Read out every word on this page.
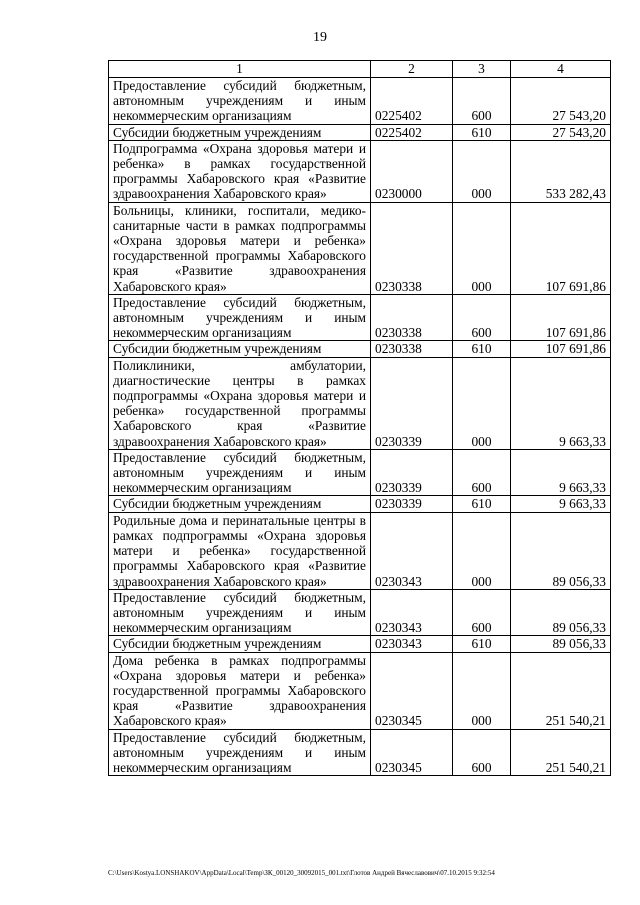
19
1	2	3	4
Предоставление субсидий бюджетным, автономным учреждениям и иным некоммерческим организациям	0225402	600	27 543,20
Субсидии бюджетным учреждениям	0225402	610	27 543,20
Подпрограмма «Охрана здоровья матери и ребенка» в рамках государственной программы Хабаровского края «Развитие здравоохранения Хабаровского края»	0230000	000	533 282,43
Больницы, клиники, госпитали, медико-санитарные части в рамках подпрограммы «Охрана здоровья матери и ребенка» государственной программы Хабаровского края «Развитие здравоохранения Хабаровского края»	0230338	000	107 691,86
Предоставление субсидий бюджетным, автономным учреждениям и иным некоммерческим организациям	0230338	600	107 691,86
Субсидии бюджетным учреждениям	0230338	610	107 691,86
Поликлиники, амбулатории, диагностические центры в рамках подпрограммы «Охрана здоровья матери и ребенка» государственной программы Хабаровского края «Развитие здравоохранения Хабаровского края»	0230339	000	9 663,33
Предоставление субсидий бюджетным, автономным учреждениям и иным некоммерческим организациям	0230339	600	9 663,33
Субсидии бюджетным учреждениям	0230339	610	9 663,33
Родильные дома и перинатальные центры в рамках подпрограммы «Охрана здоровья матери и ребенка» государственной программы Хабаровского края «Развитие здравоохранения Хабаровского края»	0230343	000	89 056,33
Предоставление субсидий бюджетным, автономным учреждениям и иным некоммерческим организациям	0230343	600	89 056,33
Субсидии бюджетным учреждениям	0230343	610	89 056,33
Дома ребенка в рамках подпрограммы «Охрана здоровья матери и ребенка» государственной программы Хабаровского края «Развитие здравоохранения Хабаровского края»	0230345	000	251 540,21
Предоставление субсидий бюджетным, автономным учреждениям и иным некоммерческим организациям	0230345	600	251 540,21
C:\Users\Kostya.LONSHAKOV\AppData\Local\Temp\ЗК_00120_30092015_001.txt\Глотов Андрей Вячеславович\07.10.2015 9:32:54
